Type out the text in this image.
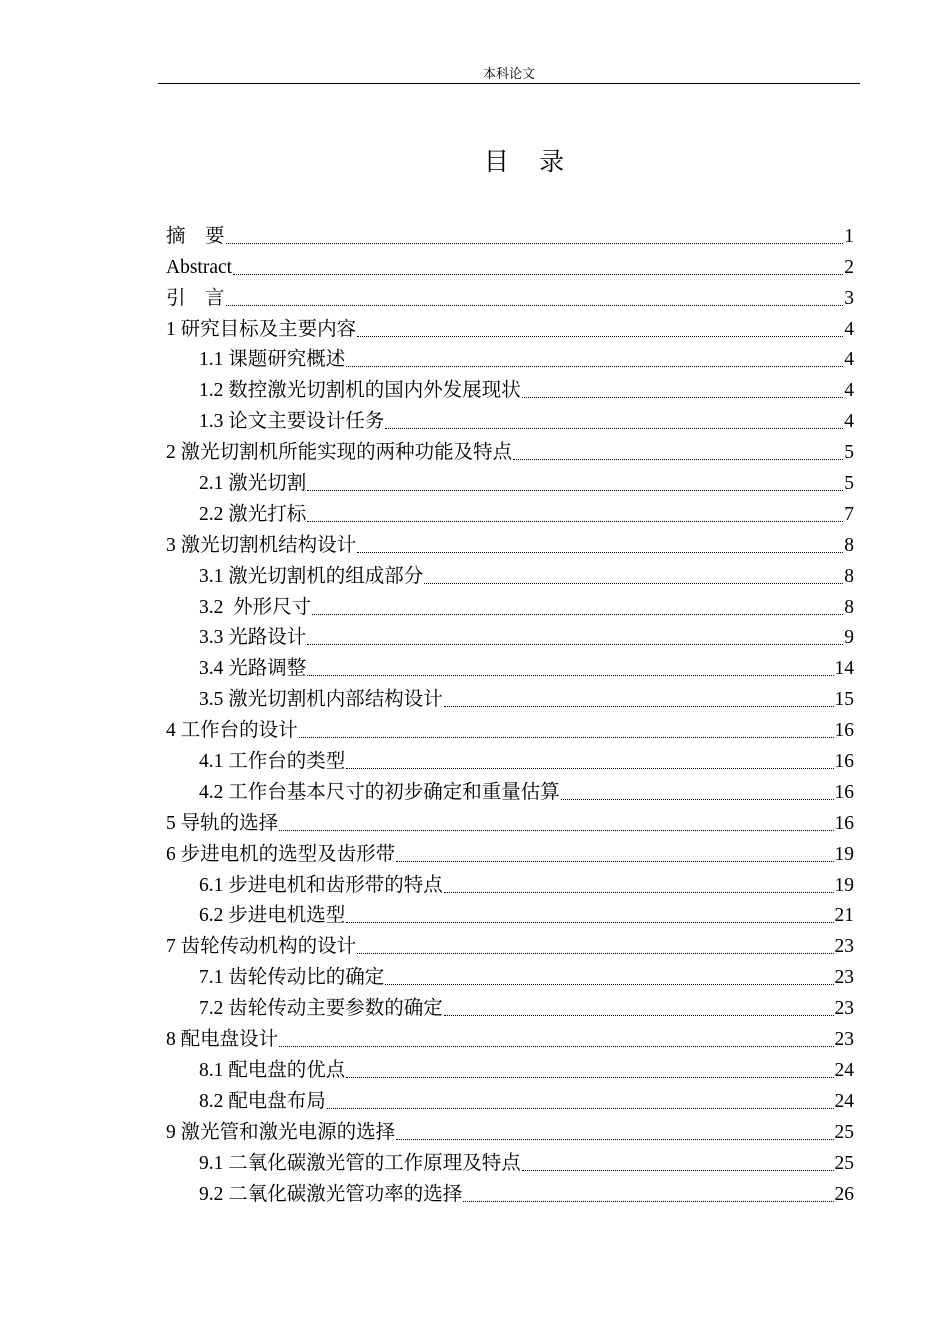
本科论文
目 录
摘    要	1
Abstract	2
引    言	3
1 研究目标及主要内容	4
1.1 课题研究概述	4
1.2 数控激光切割机的国内外发展现状	4
1.3 论文主要设计任务	4
2 激光切割机所能实现的两种功能及特点	5
2.1 激光切割	5
2.2 激光打标	7
3 激光切割机结构设计	8
3.1 激光切割机的组成部分	8
3.2  外形尺寸	8
3.3 光路设计	9
3.4 光路调整	14
3.5 激光切割机内部结构设计	15
4 工作台的设计	16
4.1 工作台的类型	16
4.2 工作台基本尺寸的初步确定和重量估算	16
5 导轨的选择	16
6 步进电机的选型及齿形带	19
6.1 步进电机和齿形带的特点	19
6.2 步进电机选型	21
7 齿轮传动机构的设计	23
7.1 齿轮传动比的确定	23
7.2 齿轮传动主要参数的确定	23
8 配电盘设计	23
8.1 配电盘的优点	24
8.2 配电盘布局	24
9 激光管和激光电源的选择	25
9.1 二氧化碳激光管的工作原理及特点	25
9.2 二氧化碳激光管功率的选择	26
